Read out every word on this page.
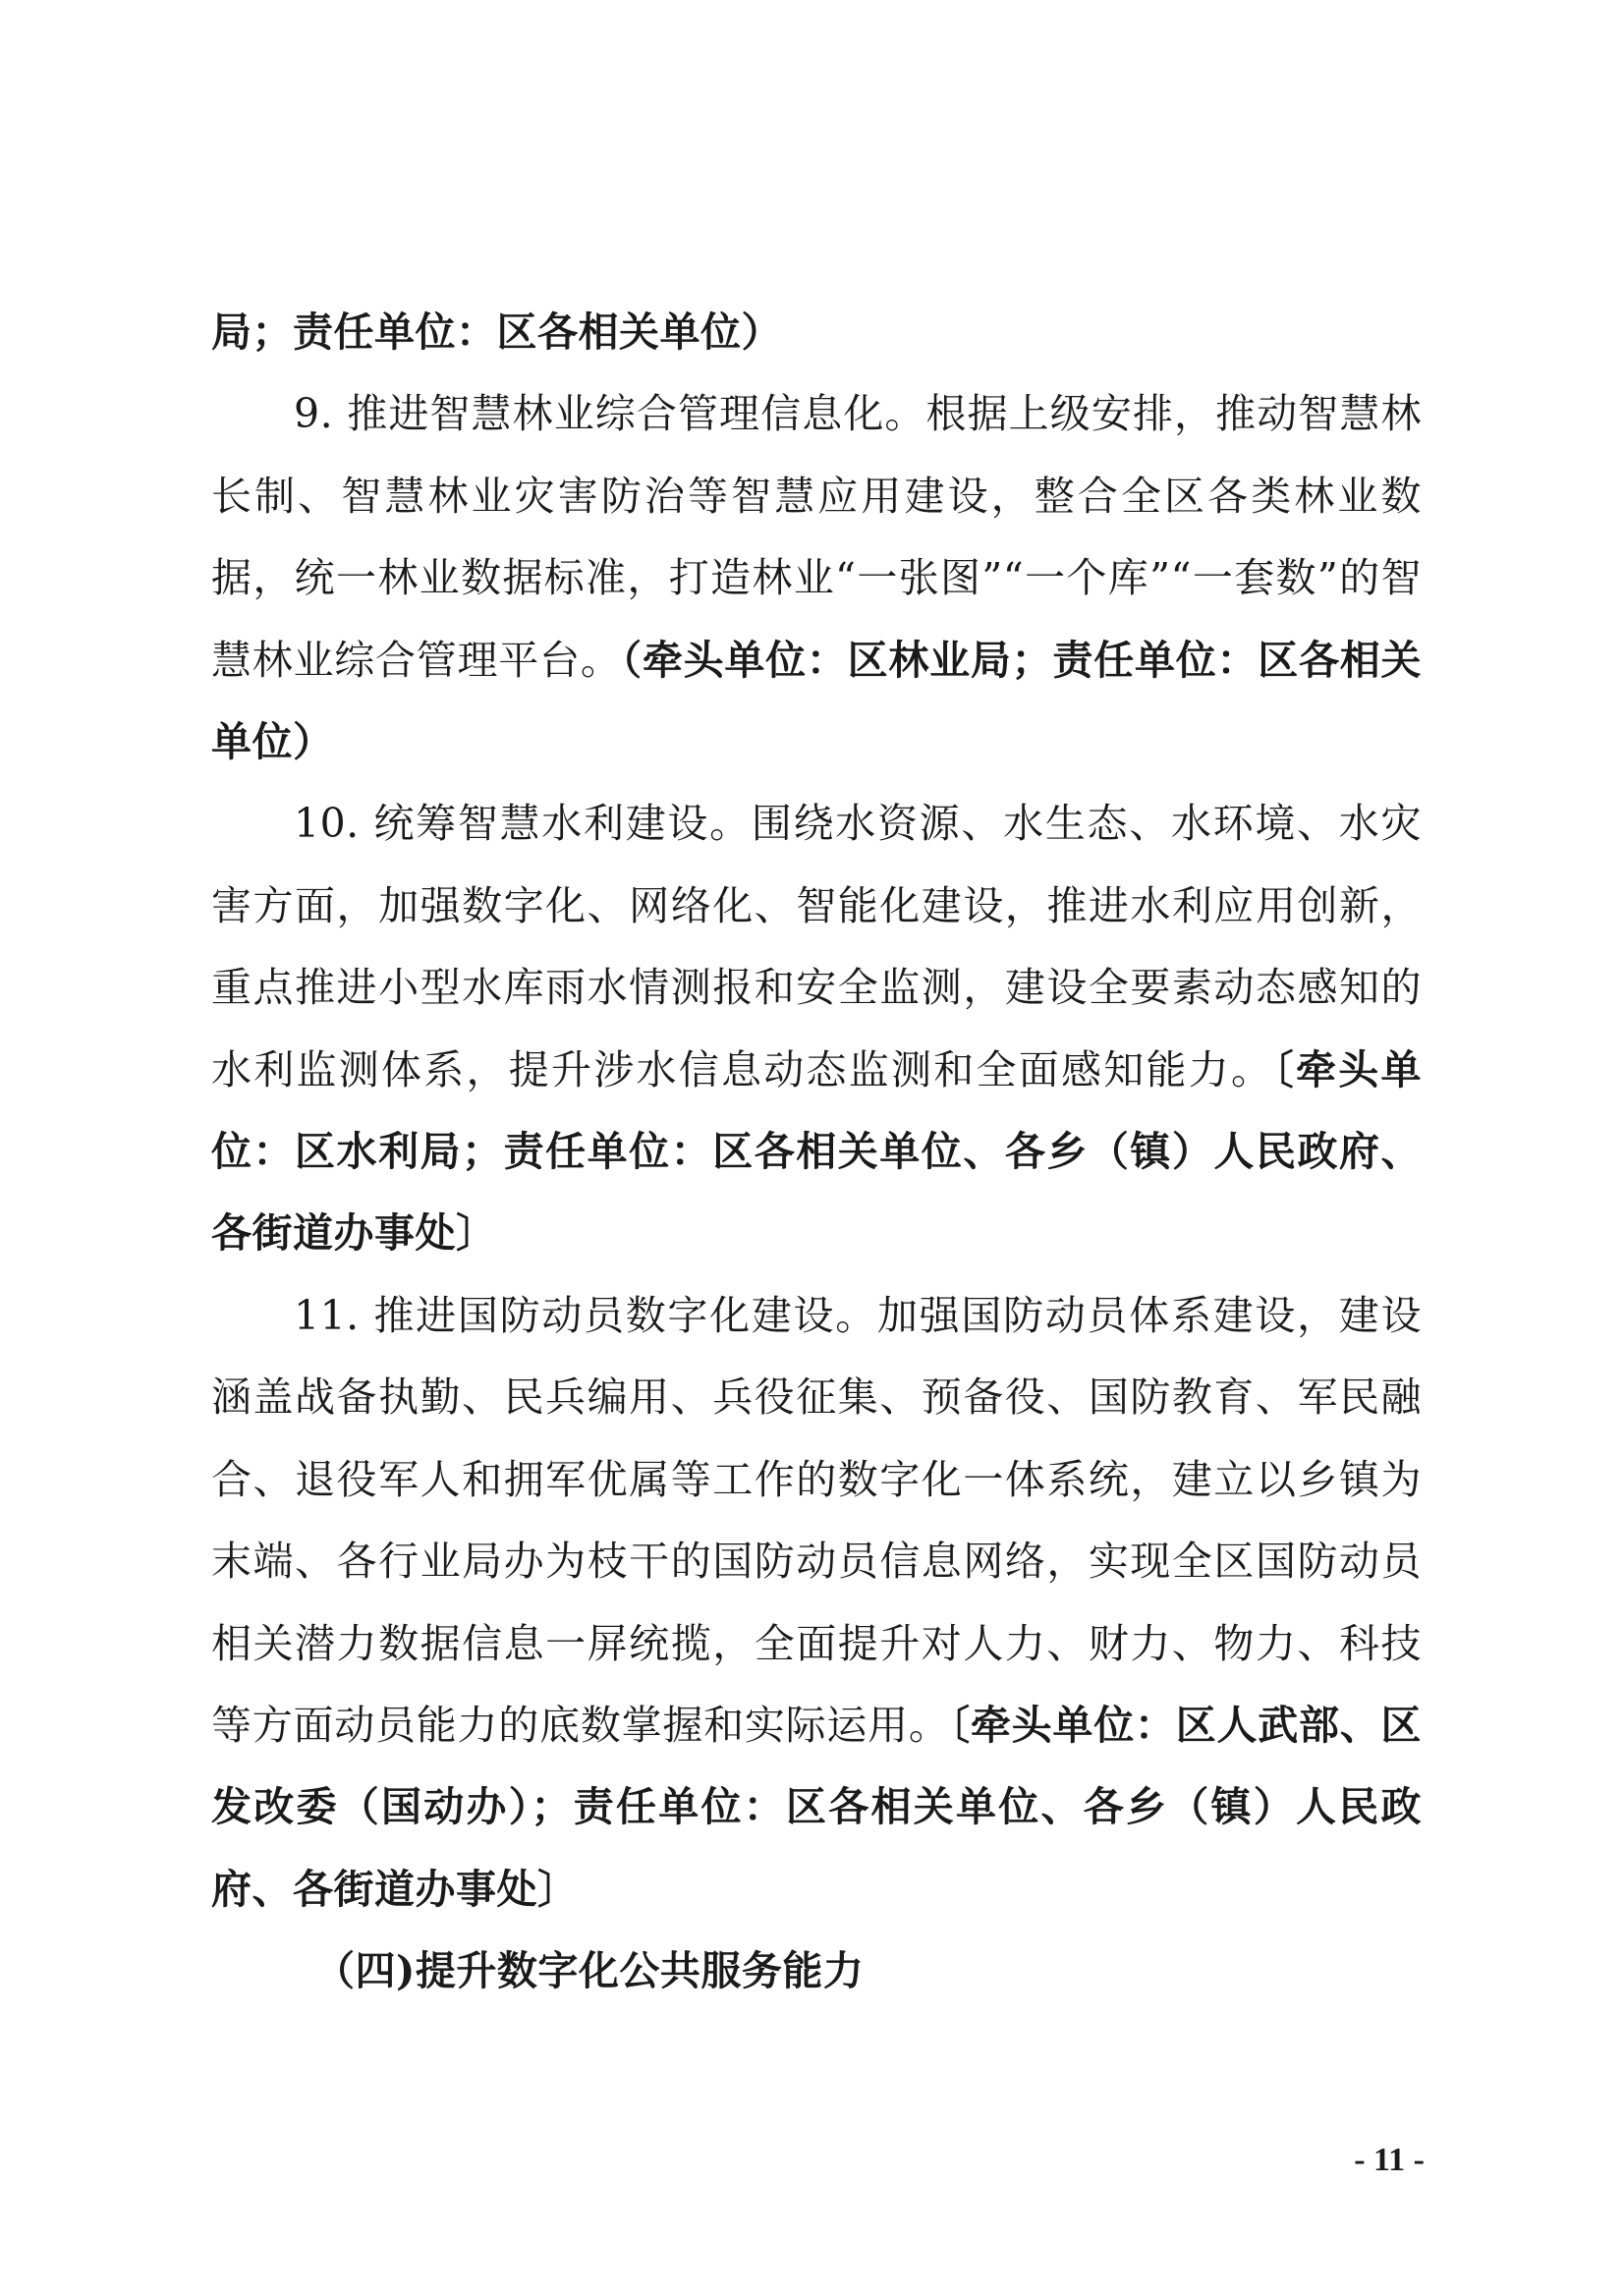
局；责任单位：区各相关单位）

9. 推进智慧林业综合管理信息化。根据上级安排，推动智慧林长制、智慧林业灾害防治等智慧应用建设，整合全区各类林业数据，统一林业数据标准，打造林业“一张图”“一个库”“一套数”的智慧林业综合管理平台。（牵头单位：区林业局；责任单位：区各相关单位）

10. 统筹智慧水利建设。围绕水资源、水生态、水环境、水灾害方面，加强数字化、网络化、智能化建设，推进水利应用创新，重点推进小型水库雨水情测报和安全监测，建设全要素动态感知的水利监测体系，提升涉水信息动态监测和全面感知能力。〔牵头单位：区水利局；责任单位：区各相关单位、各乡（镇）人民政府、各街道办事处〕

11. 推进国防动员数字化建设。加强国防动员体系建设，建设涵盖战备执勤、民兵编用、兵役征集、预备役、国防教育、军民融合、退役军人和拥军优属等工作的数字化一体系统，建立以乡镇为末端、各行业局办为枝干的国防动员信息网络，实现全区国防动员相关潜力数据信息一屏统揽，全面提升对人力、财力、物力、科技等方面动员能力的底数掌握和实际运用。〔牵头单位：区人武部、区发改委（国动办）；责任单位：区各相关单位、各乡（镇）人民政府、各街道办事处〕

（四)提升数字化公共服务能力

- 11 -
